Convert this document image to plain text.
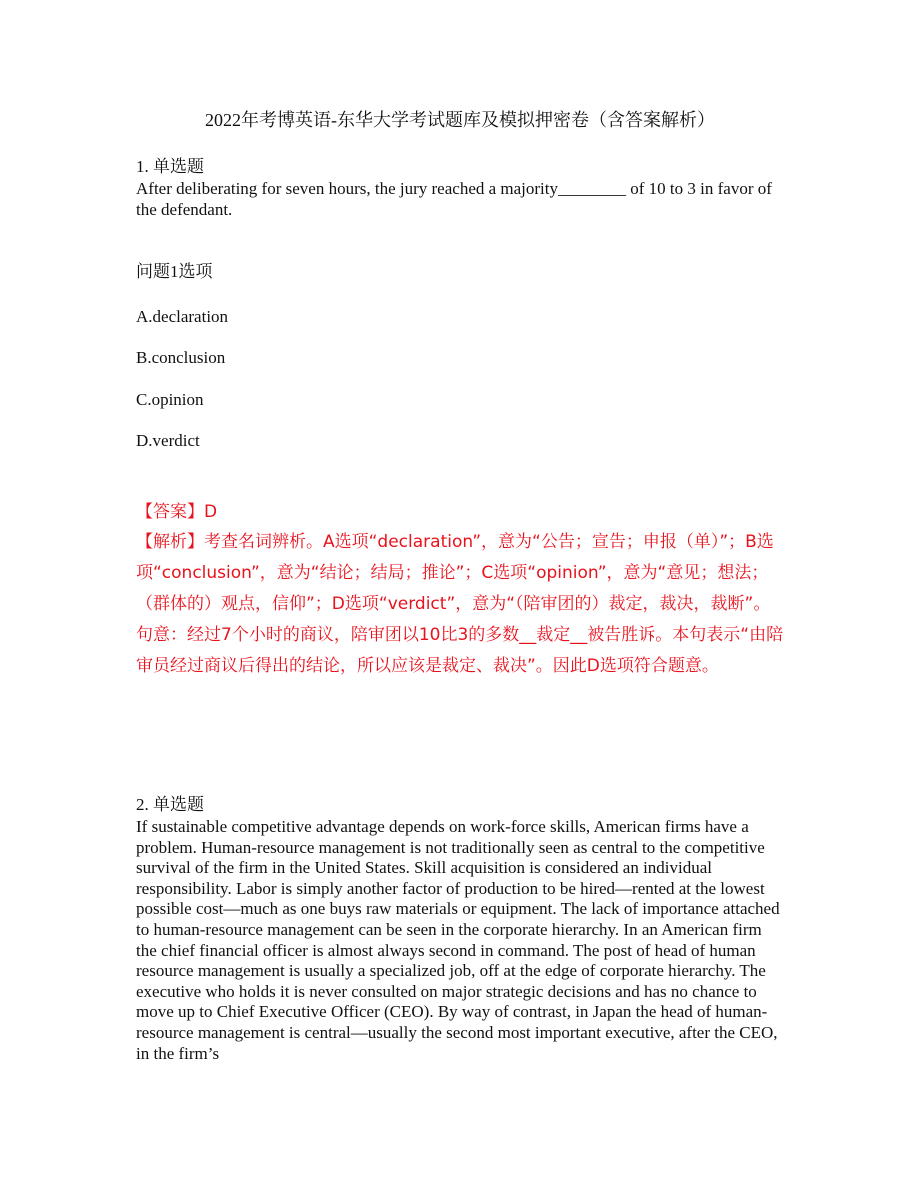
2022年考博英语-东华大学考试题库及模拟押密卷（含答案解析）
1. 单选题
After deliberating for seven hours, the jury reached a majority________ of 10 to 3 in favor of the defendant.
问题1选项
A.declaration
B.conclusion
C.opinion
D.verdict
【答案】D
【解析】考查名词辨析。A选项“declaration”，意为“公告；宣告；申报（单）”；B选项“conclusion”，意为“结论；结局；推论”；C选项“opinion”，意为“意见；想法；（群体的）观点，信仰”；D选项“verdict”，意为“（陪审团的）裁定，裁决，裁断”。句意：经过7个小时的商议，陪审团以10比3的多数__裁定__被告胜诉。本句表示“由陪审员经过商议后得出的结论，所以应该是裁定、裁决”。因此D选项符合题意。
2. 单选题
If sustainable competitive advantage depends on work-force skills, American firms have a problem. Human-resource management is not traditionally seen as central to the competitive survival of the firm in the United States. Skill acquisition is considered an individual responsibility. Labor is simply another factor of production to be hired—rented at the lowest possible cost—much as one buys raw materials or equipment. The lack of importance attached to human-resource management can be seen in the corporate hierarchy. In an American firm the chief financial officer is almost always second in command. The post of head of human resource management is usually a specialized job, off at the edge of corporate hierarchy. The executive who holds it is never consulted on major strategic decisions and has no chance to move up to Chief Executive Officer (CEO). By way of contrast, in Japan the head of human-resource management is central—usually the second most important executive, after the CEO, in the firm’s
